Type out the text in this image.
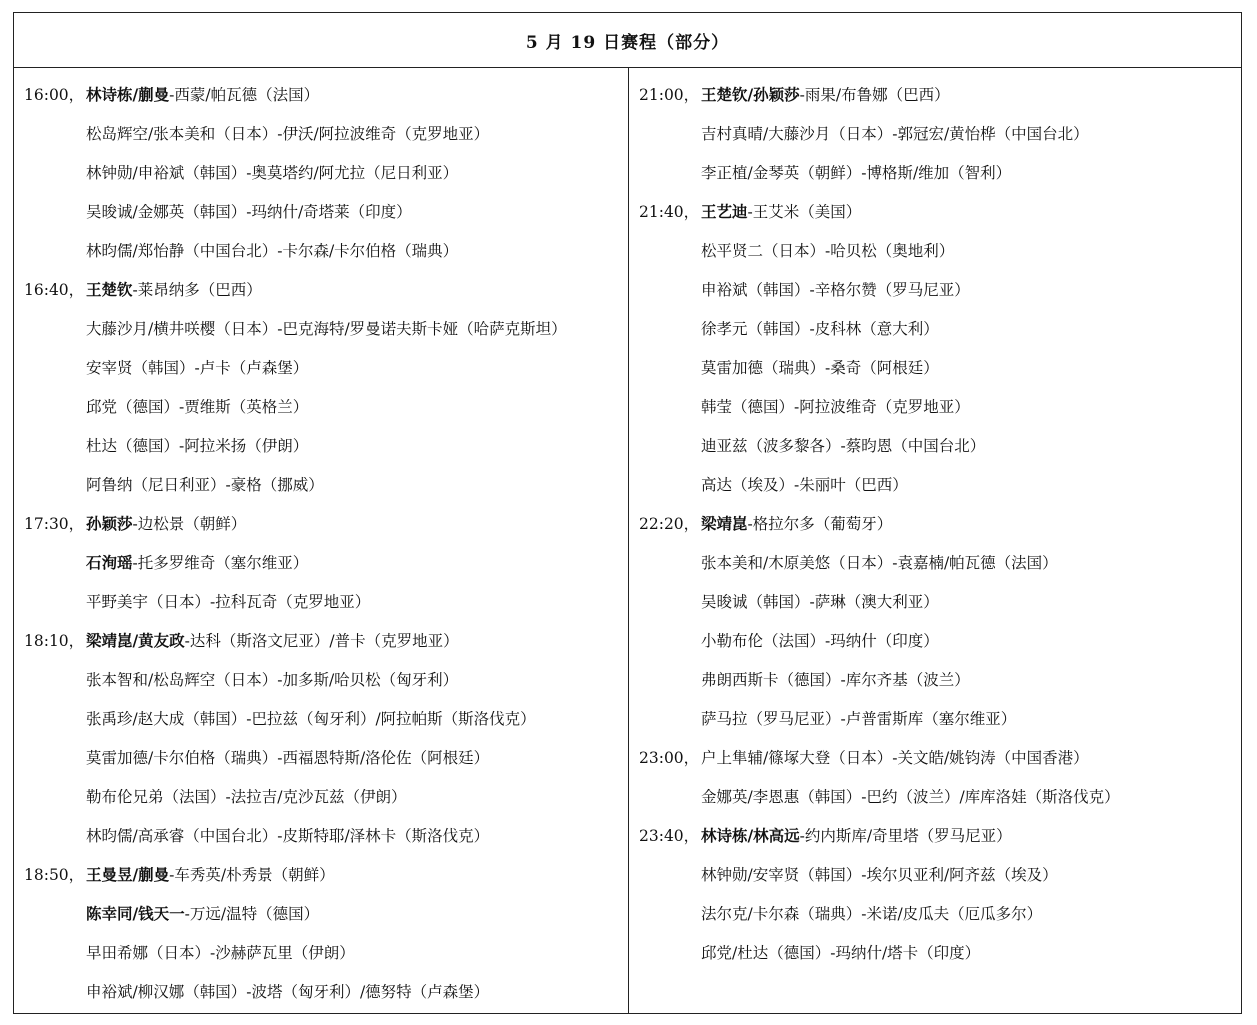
5 月 19 日赛程（部分）
16:00， 林诗栋/蒯曼-西蒙/帕瓦德（法国）
松岛辉空/张本美和（日本）-伊沃/阿拉波维奇（克罗地亚）
林钟勋/申裕斌（韩国）-奥莫塔约/阿尤拉（尼日利亚）
吴晙诚/金娜英（韩国）-玛纳什/奇塔莱（印度）
林昀儒/郑怡静（中国台北）-卡尔森/卡尔伯格（瑞典）
16:40， 王楚钦-莱昂纳多（巴西）
大藤沙月/横井咲樱（日本）-巴克海特/罗曼诺夫斯卡娅（哈萨克斯坦）
安宰贤（韩国）-卢卡（卢森堡）
邱党（德国）-贾维斯（英格兰）
杜达（德国）-阿拉米扬（伊朗）
阿鲁纳（尼日利亚）-豪格（挪威）
17:30， 孙颖莎-边松景（朝鲜）
石洵瑶-托多罗维奇（塞尔维亚）
平野美宇（日本）-拉科瓦奇（克罗地亚）
18:10， 梁靖崑/黄友政-达科（斯洛文尼亚）/普卡（克罗地亚）
张本智和/松岛辉空（日本）-加多斯/哈贝松（匈牙利）
张禹珍/赵大成（韩国）-巴拉兹（匈牙利）/阿拉帕斯（斯洛伐克）
莫雷加德/卡尔伯格（瑞典）-西福恩特斯/洛伦佐（阿根廷）
勒布伦兄弟（法国）-法拉吉/克沙瓦兹（伊朗）
林昀儒/高承睿（中国台北）-皮斯特耶/泽林卡（斯洛伐克）
18:50， 王曼昱/蒯曼-车秀英/朴秀景（朝鲜）
陈幸同/钱天一-万远/温特（德国）
早田希娜（日本）-沙赫萨瓦里（伊朗）
申裕斌/柳汉娜（韩国）-波塔（匈牙利）/德努特（卢森堡）
21:00， 王楚钦/孙颖莎-雨果/布鲁娜（巴西）
吉村真晴/大藤沙月（日本）-郭冠宏/黄怡桦（中国台北）
李正植/金琴英（朝鲜）-博格斯/维加（智利）
21:40， 王艺迪-王艾米（美国）
松平贤二（日本）-哈贝松（奥地利）
申裕斌（韩国）-辛格尔赞（罗马尼亚）
徐孝元（韩国）-皮科林（意大利）
莫雷加德（瑞典）-桑奇（阿根廷）
韩莹（德国）-阿拉波维奇（克罗地亚）
迪亚兹（波多黎各）-蔡昀恩（中国台北）
高达（埃及）-朱丽叶（巴西）
22:20， 梁靖崑-格拉尔多（葡萄牙）
张本美和/木原美悠（日本）-袁嘉楠/帕瓦德（法国）
吴晙诚（韩国）-萨琳（澳大利亚）
小勒布伦（法国）-玛纳什（印度）
弗朗西斯卡（德国）-库尔齐基（波兰）
萨马拉（罗马尼亚）-卢普雷斯库（塞尔维亚）
23:00， 户上隼辅/篠塚大登（日本）-关文皓/姚钧涛（中国香港）
金娜英/李恩惠（韩国）-巴约（波兰）/库库洛娃（斯洛伐克）
23:40， 林诗栋/林高远-约内斯库/奇里塔（罗马尼亚）
林钟勋/安宰贤（韩国）-埃尔贝亚利/阿齐兹（埃及）
法尔克/卡尔森（瑞典）-米诺/皮瓜夫（厄瓜多尔）
邱党/杜达（德国）-玛纳什/塔卡（印度）
